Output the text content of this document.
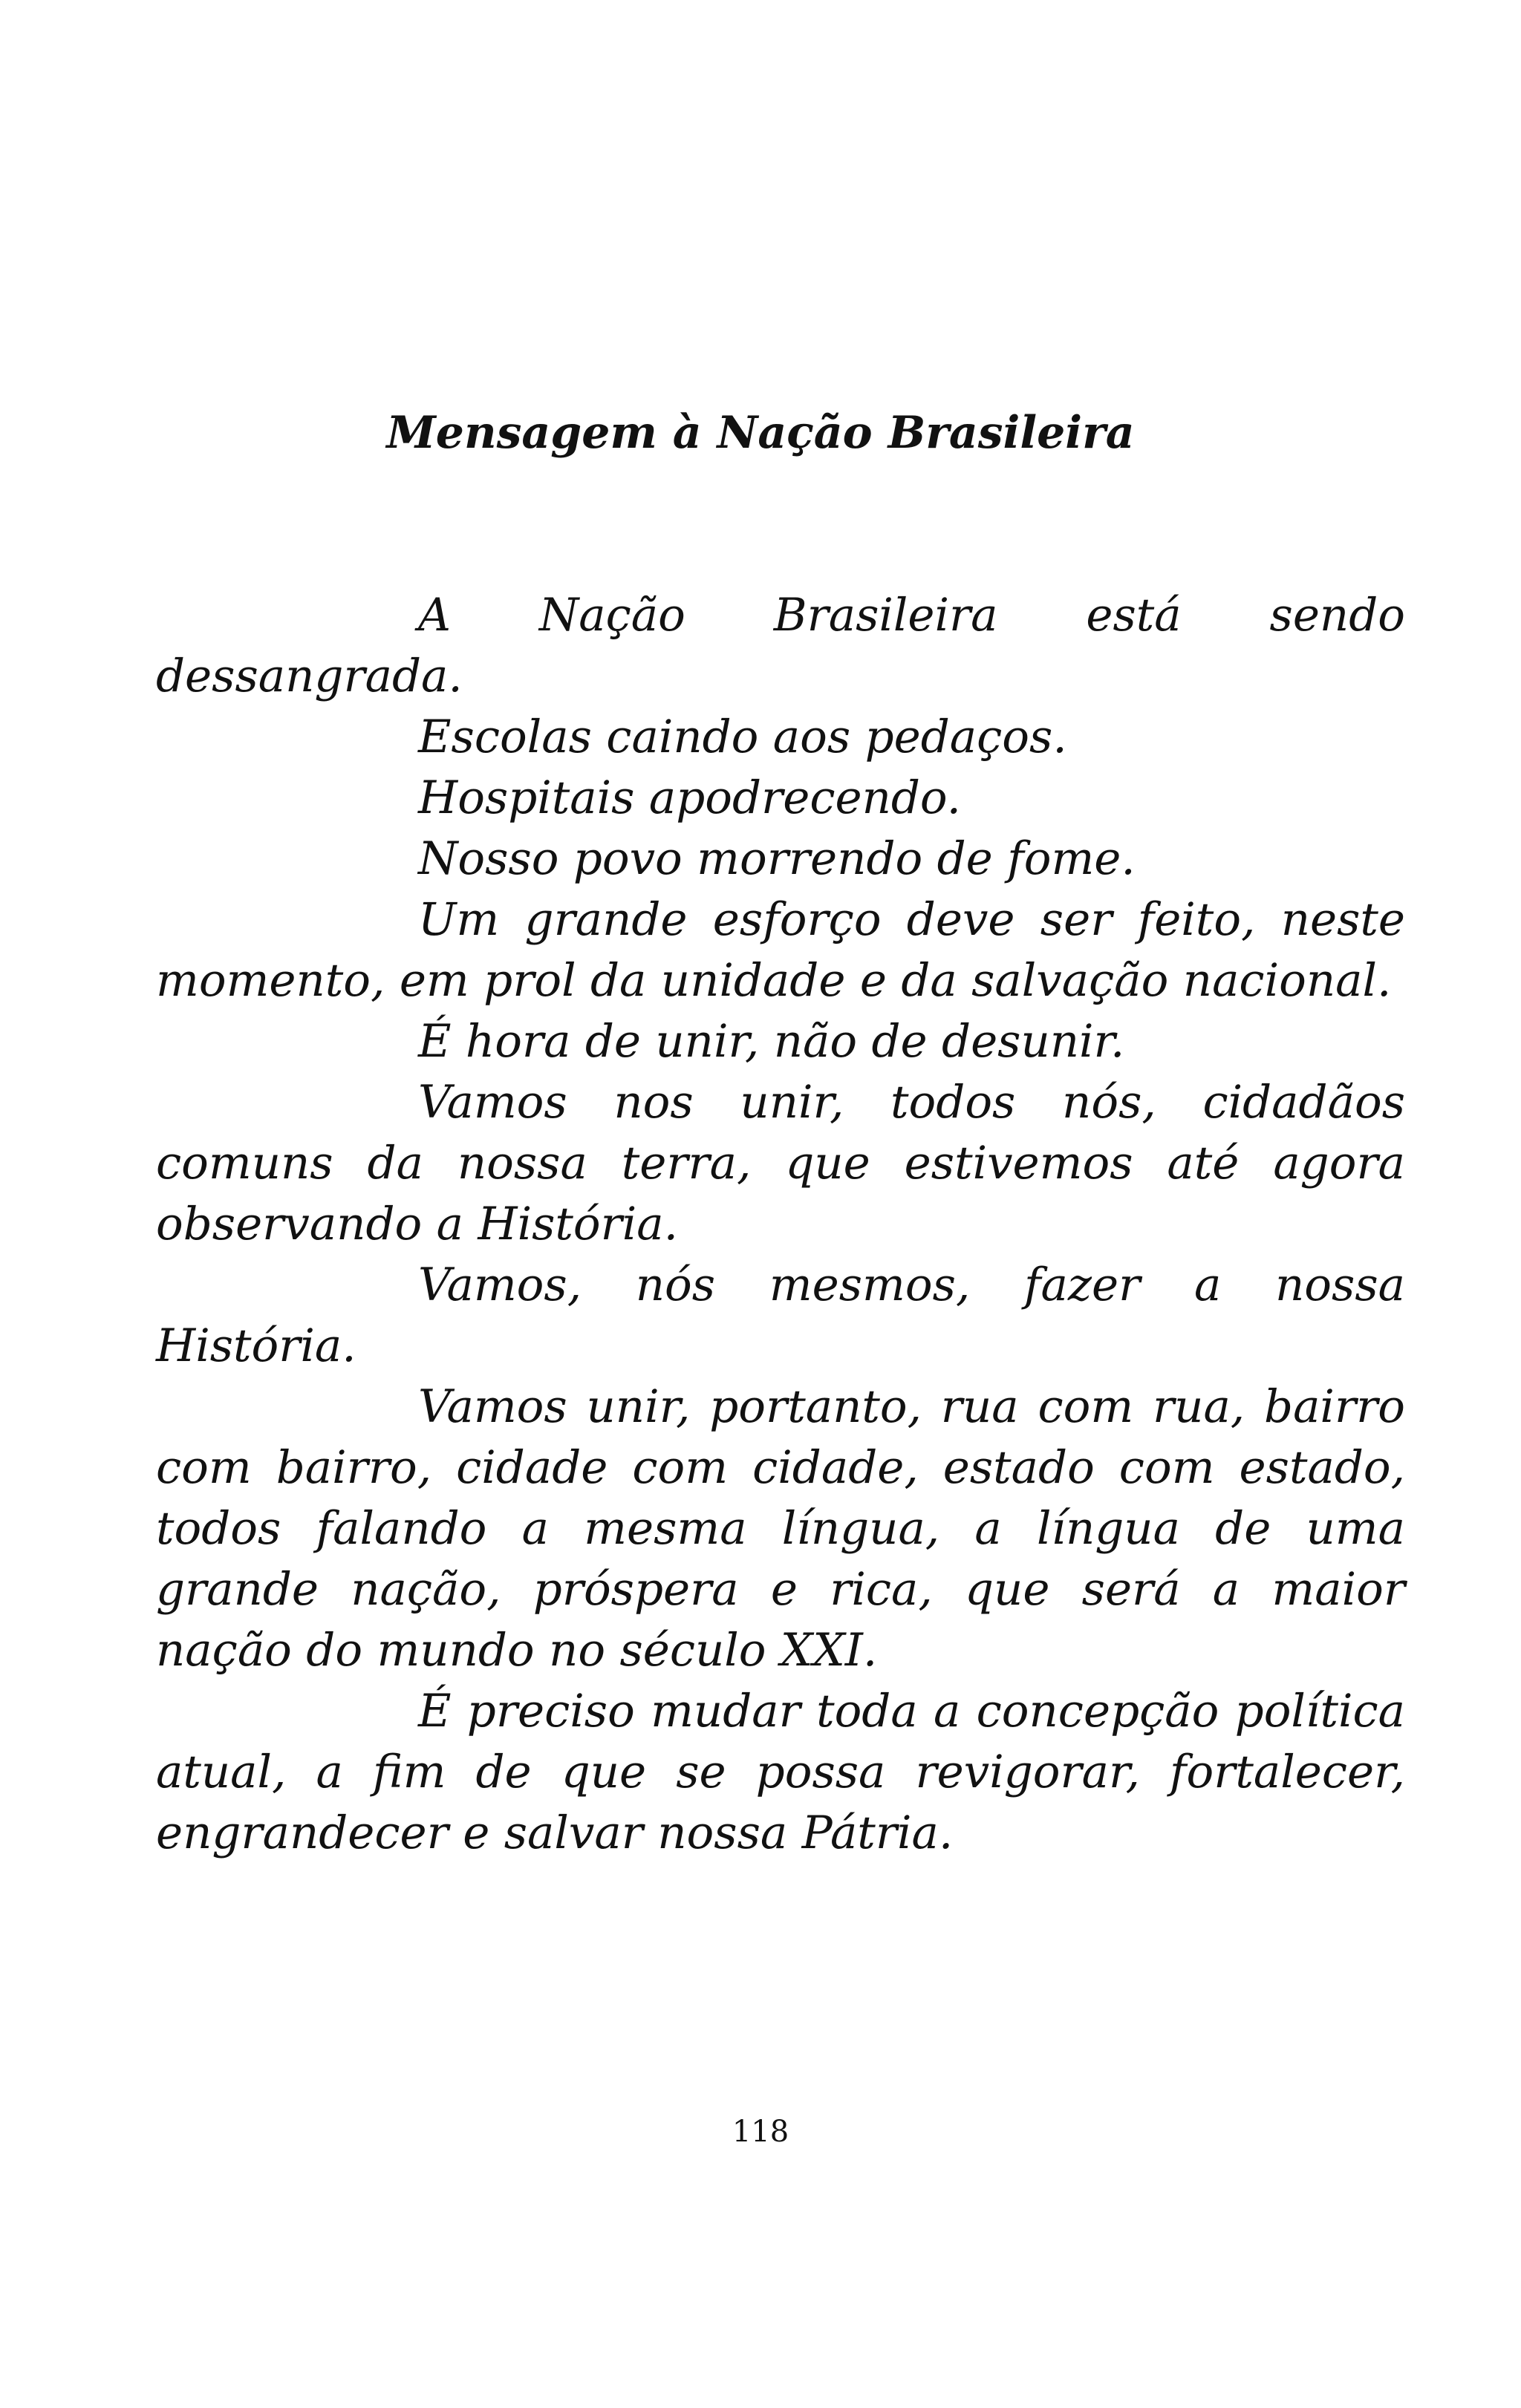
Mensagem à Nação Brasileira

A Nação Brasileira está sendo dessangrada.

Escolas caindo aos pedaços.

Hospitais apodrecendo.

Nosso povo morrendo de fome.

Um grande esforço deve ser feito, neste momento, em prol da unidade e da salvação nacional.

É hora de unir, não de desunir.

Vamos nos unir, todos nós, cidadãos comuns da nossa terra, que estivemos até agora observando a História.

Vamos, nós mesmos, fazer a nossa História.

Vamos unir, portanto, rua com rua, bairro com bairro, cidade com cidade, estado com estado, todos falando a mesma língua, a língua de uma grande nação, próspera e rica, que será a maior nação do mundo no século XXI.

É preciso mudar toda a concepção política atual, a fim de que se possa revigorar, fortalecer, engrandecer e salvar nossa Pátria.

118
